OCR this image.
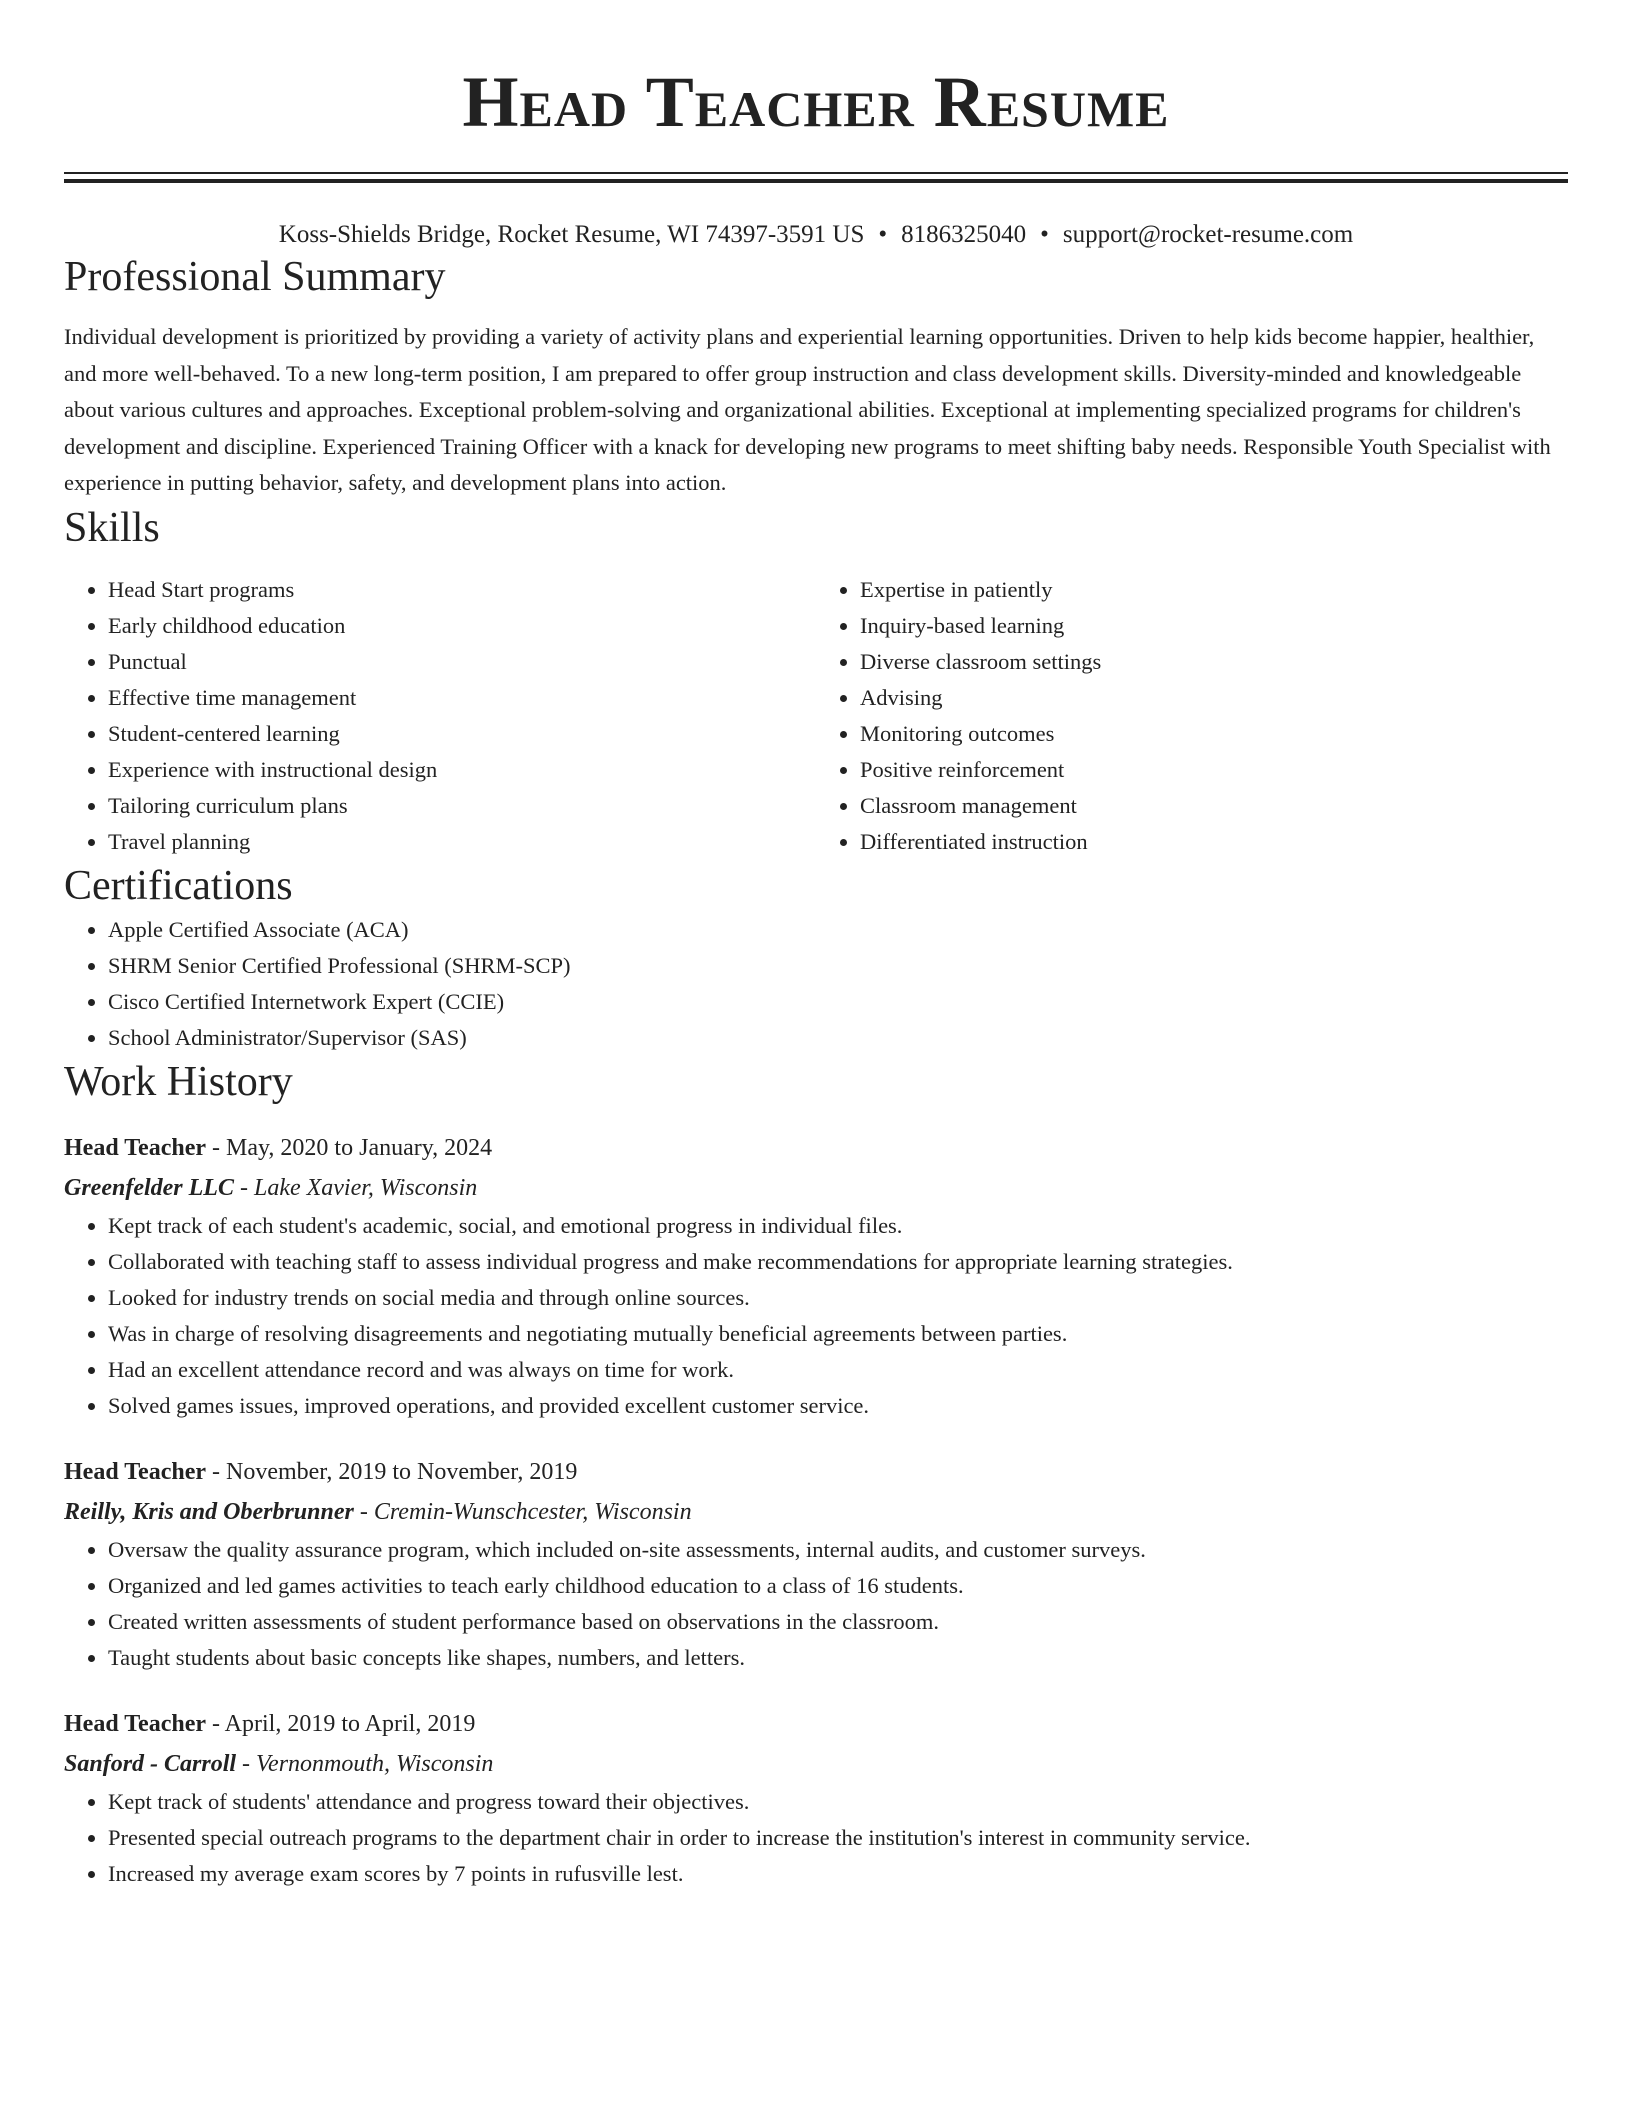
Head Teacher Resume
Koss-Shields Bridge, Rocket Resume, WI 74397-3591 US • 8186325040 • support@rocket-resume.com
Professional Summary

Individual development is prioritized by providing a variety of activity plans and experiential learning opportunities. Driven to help kids become happier, healthier, and more well-behaved. To a new long-term position, I am prepared to offer group instruction and class development skills. Diversity-minded and knowledgeable about various cultures and approaches. Exceptional problem-solving and organizational abilities. Exceptional at implementing specialized programs for children's development and discipline. Experienced Training Officer with a knack for developing new programs to meet shifting baby needs. Responsible Youth Specialist with experience in putting behavior, safety, and development plans into action.

Skills
• Head Start programs
• Early childhood education
• Punctual
• Effective time management
• Student-centered learning
• Experience with instructional design
• Tailoring curriculum plans
• Travel planning
• Expertise in patiently
• Inquiry-based learning
• Diverse classroom settings
• Advising
• Monitoring outcomes
• Positive reinforcement
• Classroom management
• Differentiated instruction
Certifications
• Apple Certified Associate (ACA)
• SHRM Senior Certified Professional (SHRM-SCP)
• Cisco Certified Internetwork Expert (CCIE)
• School Administrator/Supervisor (SAS)
Work History
Head Teacher - May, 2020 to January, 2024
Greenfelder LLC - Lake Xavier, Wisconsin
• Kept track of each student's academic, social, and emotional progress in individual files.
• Collaborated with teaching staff to assess individual progress and make recommendations for appropriate learning strategies.
• Looked for industry trends on social media and through online sources.
• Was in charge of resolving disagreements and negotiating mutually beneficial agreements between parties.
• Had an excellent attendance record and was always on time for work.
• Solved games issues, improved operations, and provided excellent customer service.
Head Teacher - November, 2019 to November, 2019
Reilly, Kris and Oberbrunner - Cremin-Wunschcester, Wisconsin
• Oversaw the quality assurance program, which included on-site assessments, internal audits, and customer surveys.
• Organized and led games activities to teach early childhood education to a class of 16 students.
• Created written assessments of student performance based on observations in the classroom.
• Taught students about basic concepts like shapes, numbers, and letters.
Head Teacher - April, 2019 to April, 2019
Sanford - Carroll - Vernonmouth, Wisconsin
• Kept track of students' attendance and progress toward their objectives.
• Presented special outreach programs to the department chair in order to increase the institution's interest in community service.
• Increased my average exam scores by 7 points in rufusville lest.
